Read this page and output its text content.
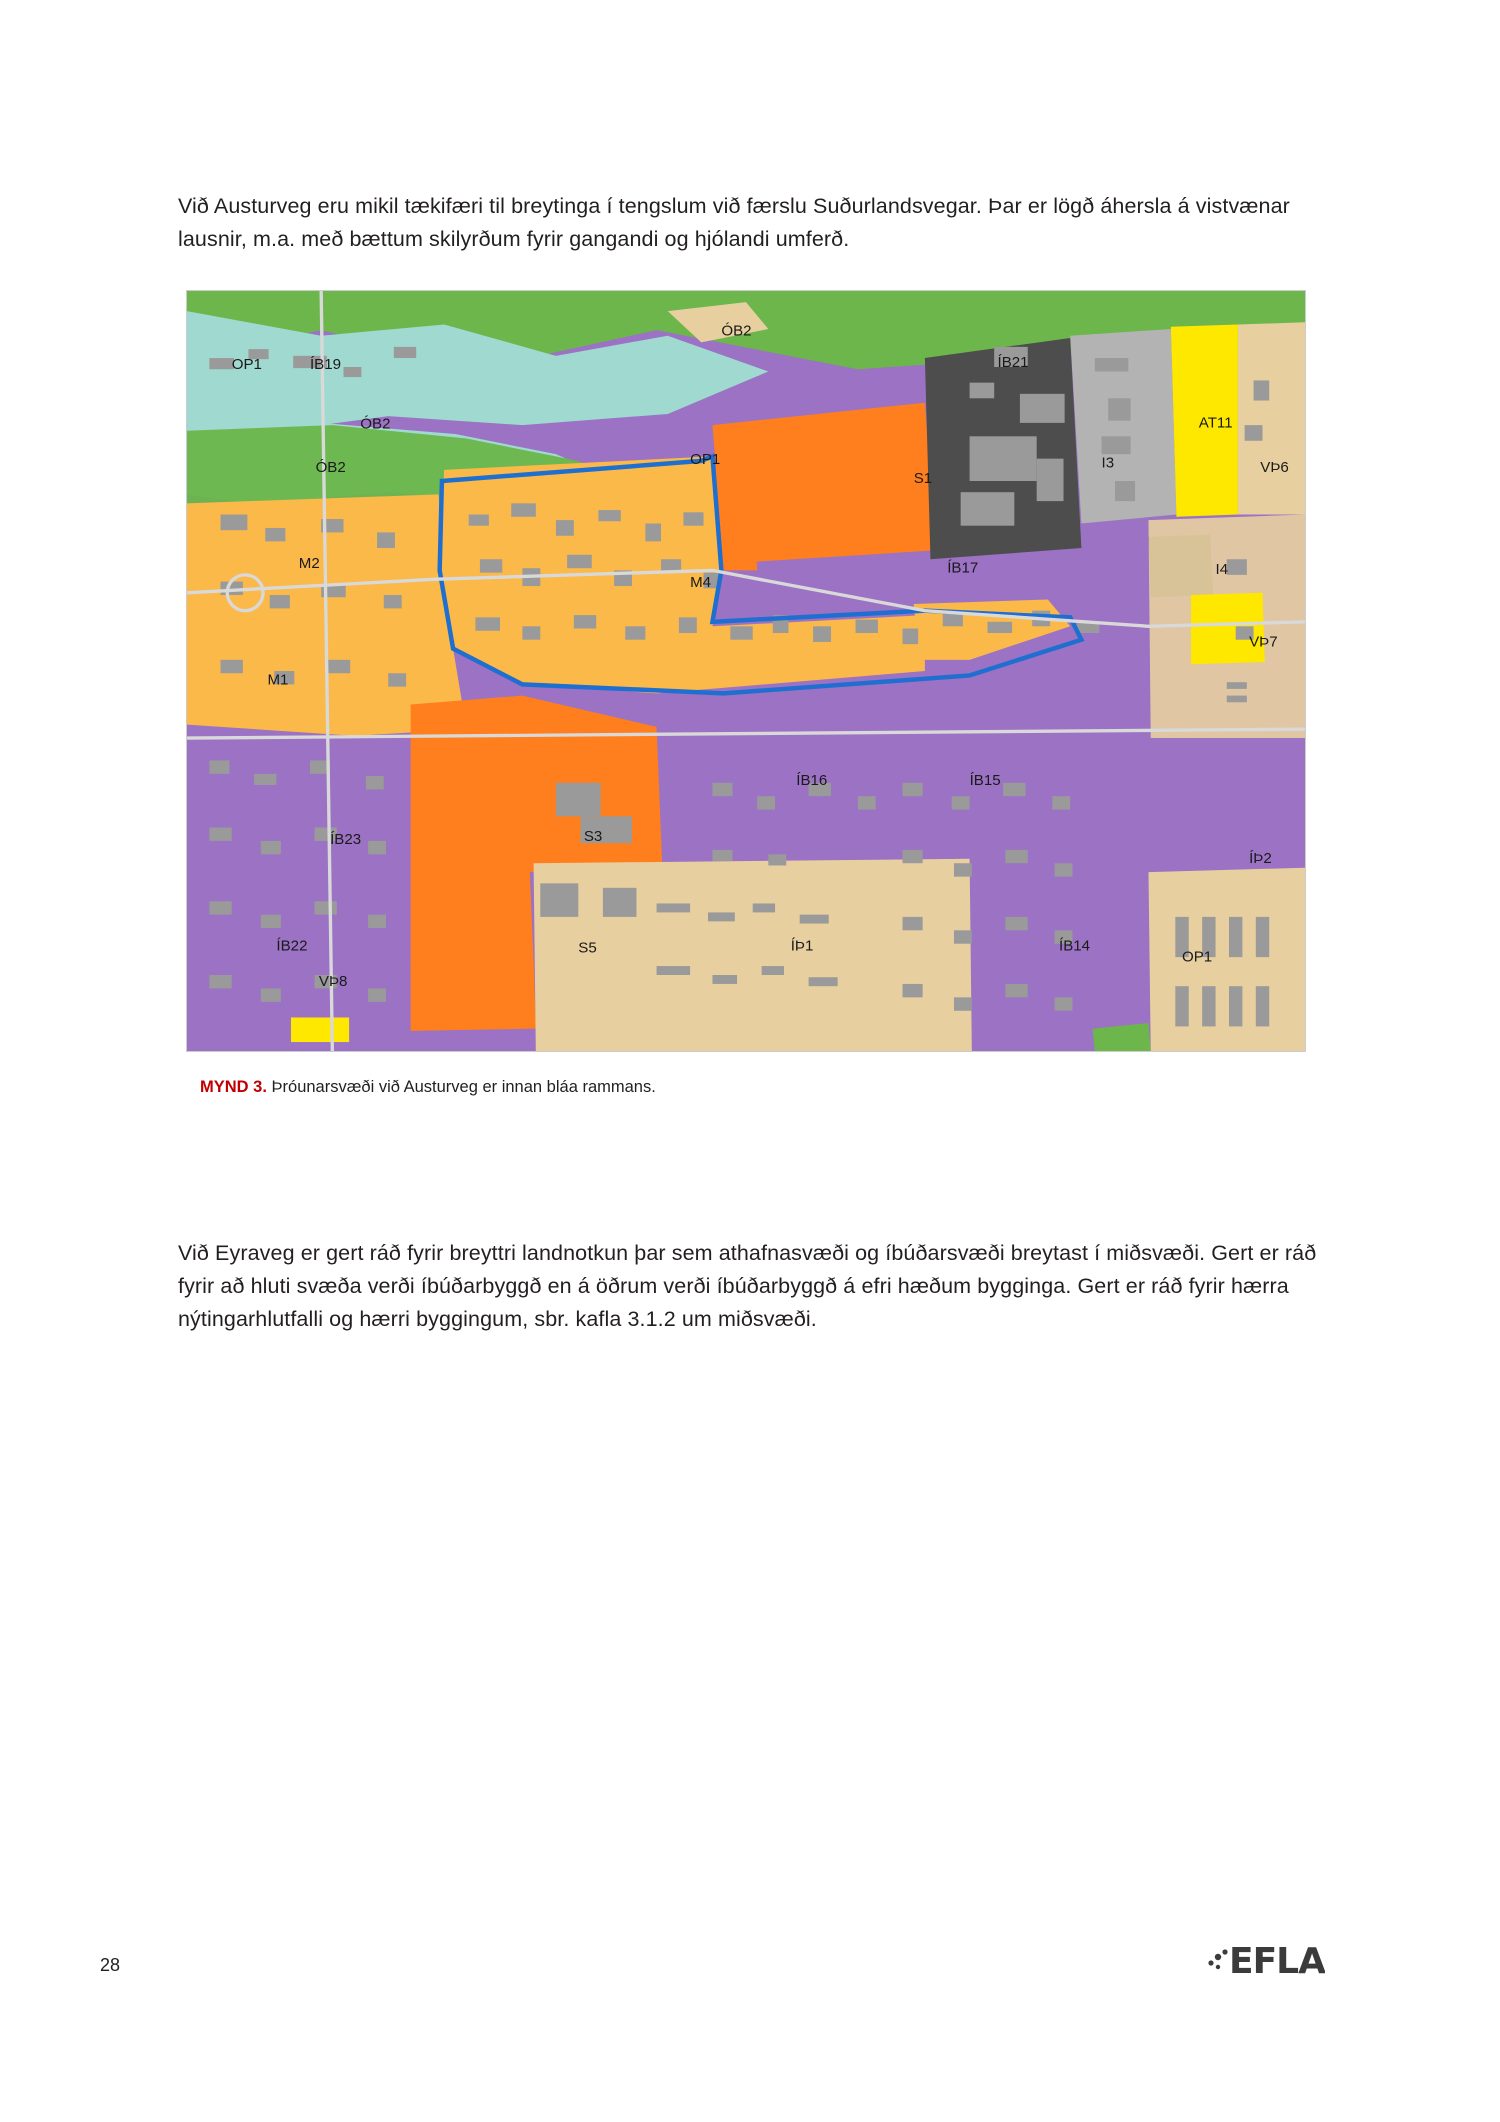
Við Austurveg eru mikil tækifæri til breytinga í tengslum við færslu Suðurlandsvegar. Þar er lögð áhersla á vistvænar lausnir, m.a. með bættum skilyrðum fyrir gangandi og hjólandi umferð.

ÓB2
OP1	ÍB19	ÍB21
AT11
ÓB2
VÞ6
I3
OP1
S1
ÓB2
M2
M4
ÍB17	I4
VÞ7
M1
ÍB16	ÍB15
ÍÞ2
ÍB23	S3
ÍB22	S5	ÍÞ1	ÍB14
OP1
VÞ8
MYND 3. Þróunarsvæði við Austurveg er innan bláa rammans.

Við Eyraveg er gert ráð fyrir breyttri landnotkun þar sem athafnasvæði og íbúðarsvæði breytast í miðsvæði. Gert er ráð fyrir að hluti svæða verði íbúðarbyggð en á öðrum verði íbúðarbyggð á efri hæðum bygginga. Gert er ráð fyrir hærra nýtingarhlutfalli og hærri byggingum, sbr. kafla 3.1.2 um miðsvæði.

28	EFLA
